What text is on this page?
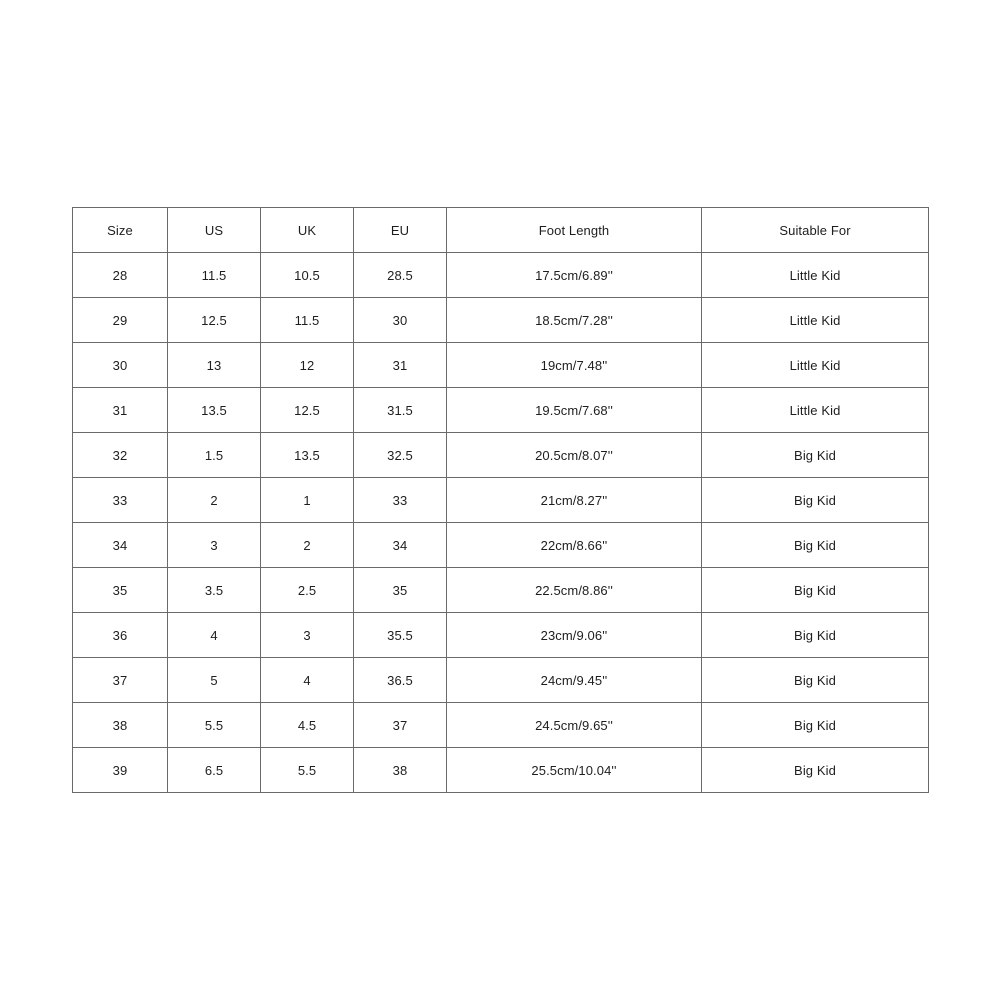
Size	US	UK	EU	Foot Length	Suitable For
28	11.5	10.5	28.5	17.5cm/6.89''	Little Kid
29	12.5	11.5	30	18.5cm/7.28''	Little Kid
30	13	12	31	19cm/7.48''	Little Kid
31	13.5	12.5	31.5	19.5cm/7.68''	Little Kid
32	1.5	13.5	32.5	20.5cm/8.07''	Big Kid
33	2	1	33	21cm/8.27''	Big Kid
34	3	2	34	22cm/8.66''	Big Kid
35	3.5	2.5	35	22.5cm/8.86''	Big Kid
36	4	3	35.5	23cm/9.06''	Big Kid
37	5	4	36.5	24cm/9.45''	Big Kid
38	5.5	4.5	37	24.5cm/9.65''	Big Kid
39	6.5	5.5	38	25.5cm/10.04''	Big Kid
